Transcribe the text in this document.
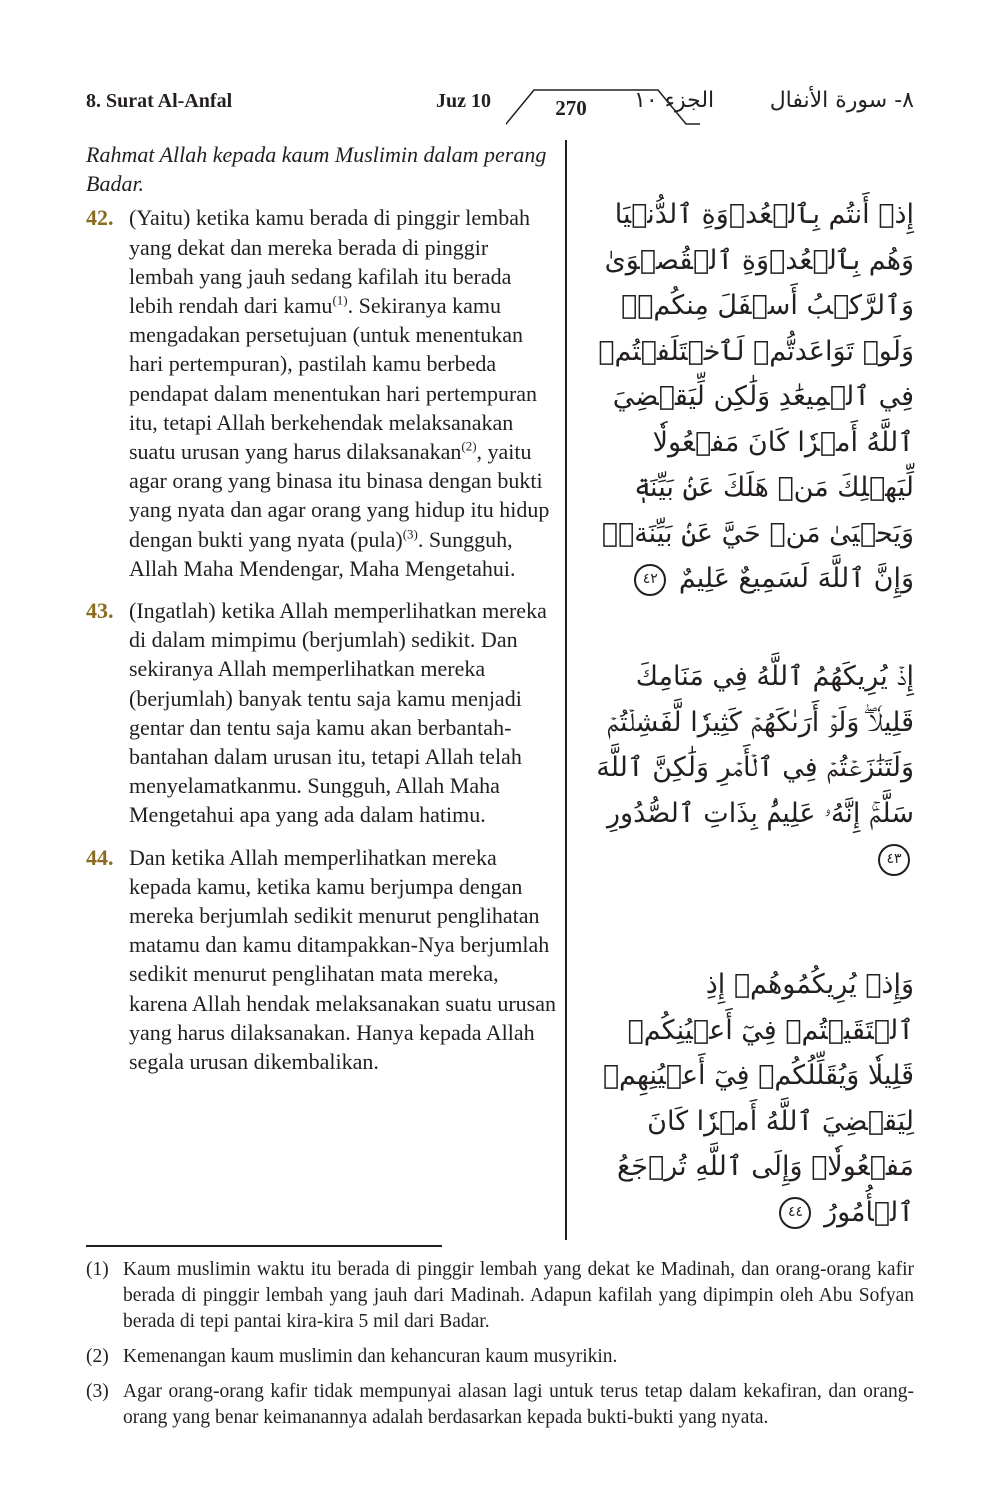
8. Surat Al-Anfal	Juz 10	270	الجزء ١٠	٨- سورة الأنفال
Rahmat Allah kepada kaum Muslimin dalam perang Badar.
42. (Yaitu) ketika kamu berada di pinggir lembah yang dekat dan mereka berada di pinggir lembah yang jauh sedang kafilah itu berada lebih rendah dari kamu$^{(1)}$. Sekiranya kamu mengadakan persetujuan (untuk menentukan hari pertempuran), pastilah kamu berbeda pendapat dalam menentukan hari pertempuran itu, tetapi Allah berkehendak melaksanakan suatu urusan yang harus dilaksanakan$^{(2)}$, yaitu agar orang yang binasa itu binasa dengan bukti yang nyata dan agar orang yang hidup itu hidup dengan bukti yang nyata (pula)$^{(3)}$. Sungguh, Allah Maha Mendengar, Maha Mengetahui.
43. (Ingatlah) ketika Allah memperlihatkan mereka di dalam mimpimu (berjumlah) sedikit. Dan sekiranya Allah memperlihatkan mereka (berjumlah) banyak tentu saja kamu menjadi gentar dan tentu saja kamu akan berbantah-bantahan dalam urusan itu, tetapi Allah telah menyelamatkanmu. Sungguh, Allah Maha Mengetahui apa yang ada dalam hatimu.
44. Dan ketika Allah memperlihatkan mereka kepada kamu, ketika kamu berjumpa dengan mereka berjumlah sedikit menurut penglihatan matamu dan kamu ditampakkan-Nya berjumlah sedikit menurut penglihatan mata mereka, karena Allah hendak melaksanakan suatu urusan yang harus dilaksanakan. Hanya kepada Allah segala urusan dikembalikan.
إِذۡ أَنتُم بِٱلۡعُدۡوَةِ ٱلدُّنۡيَا وَهُم بِٱلۡعُدۡوَةِ ٱلۡقُصۡوَىٰ وَٱلرَّكۡبُ أَسۡفَلَ مِنكُمۡۚ وَلَوۡ تَوَاعَدتُّمۡ لَٱخۡتَلَفۡتُمۡ فِي ٱلۡمِيعَٰدِ وَلَٰكِن لِّيَقۡضِيَ ٱللَّهُ أَمۡرٗا كَانَ مَفۡعُولٗا لِّيَهۡلِكَ مَنۡ هَلَكَ عَنۢ بَيِّنَةٖ وَيَحۡيَىٰ مَنۡ حَيَّ عَنۢ بَيِّنَةٖۗ وَإِنَّ ٱللَّهَ لَسَمِيعٌ عَلِيمٌ ٤٢
إِذۡ يُرِيكَهُمُ ٱللَّهُ فِي مَنَامِكَ قَلِيلٗاۖ وَلَوۡ أَرَىٰكَهُمۡ كَثِيرٗا لَّفَشِلۡتُمۡ وَلَتَنَٰزَعۡتُمۡ فِي ٱلۡأَمۡرِ وَلَٰكِنَّ ٱللَّهَ سَلَّمَۚ إِنَّهُۥ عَلِيمُۢ بِذَاتِ ٱلصُّدُورِ ٤٣
وَإِذۡ يُرِيكُمُوهُمۡ إِذِ ٱلۡتَقَيۡتُمۡ فِيٓ أَعۡيُنِكُمۡ قَلِيلٗا وَيُقَلِّلُكُمۡ فِيٓ أَعۡيُنِهِمۡ لِيَقۡضِيَ ٱللَّهُ أَمۡرٗا كَانَ مَفۡعُولٗاۗ وَإِلَى ٱللَّهِ تُرۡجَعُ ٱلۡأُمُورُ ٤٤
(1) Kaum muslimin waktu itu berada di pinggir lembah yang dekat ke Madinah, dan orang-orang kafir berada di pinggir lembah yang jauh dari Madinah. Adapun kafilah yang dipimpin oleh Abu Sofyan berada di tepi pantai kira-kira 5 mil dari Badar.
(2) Kemenangan kaum muslimin dan kehancuran kaum musyrikin.
(3) Agar orang-orang kafir tidak mempunyai alasan lagi untuk terus tetap dalam kekafiran, dan orang-orang yang benar keimanannya adalah berdasarkan kepada bukti-bukti yang nyata.
